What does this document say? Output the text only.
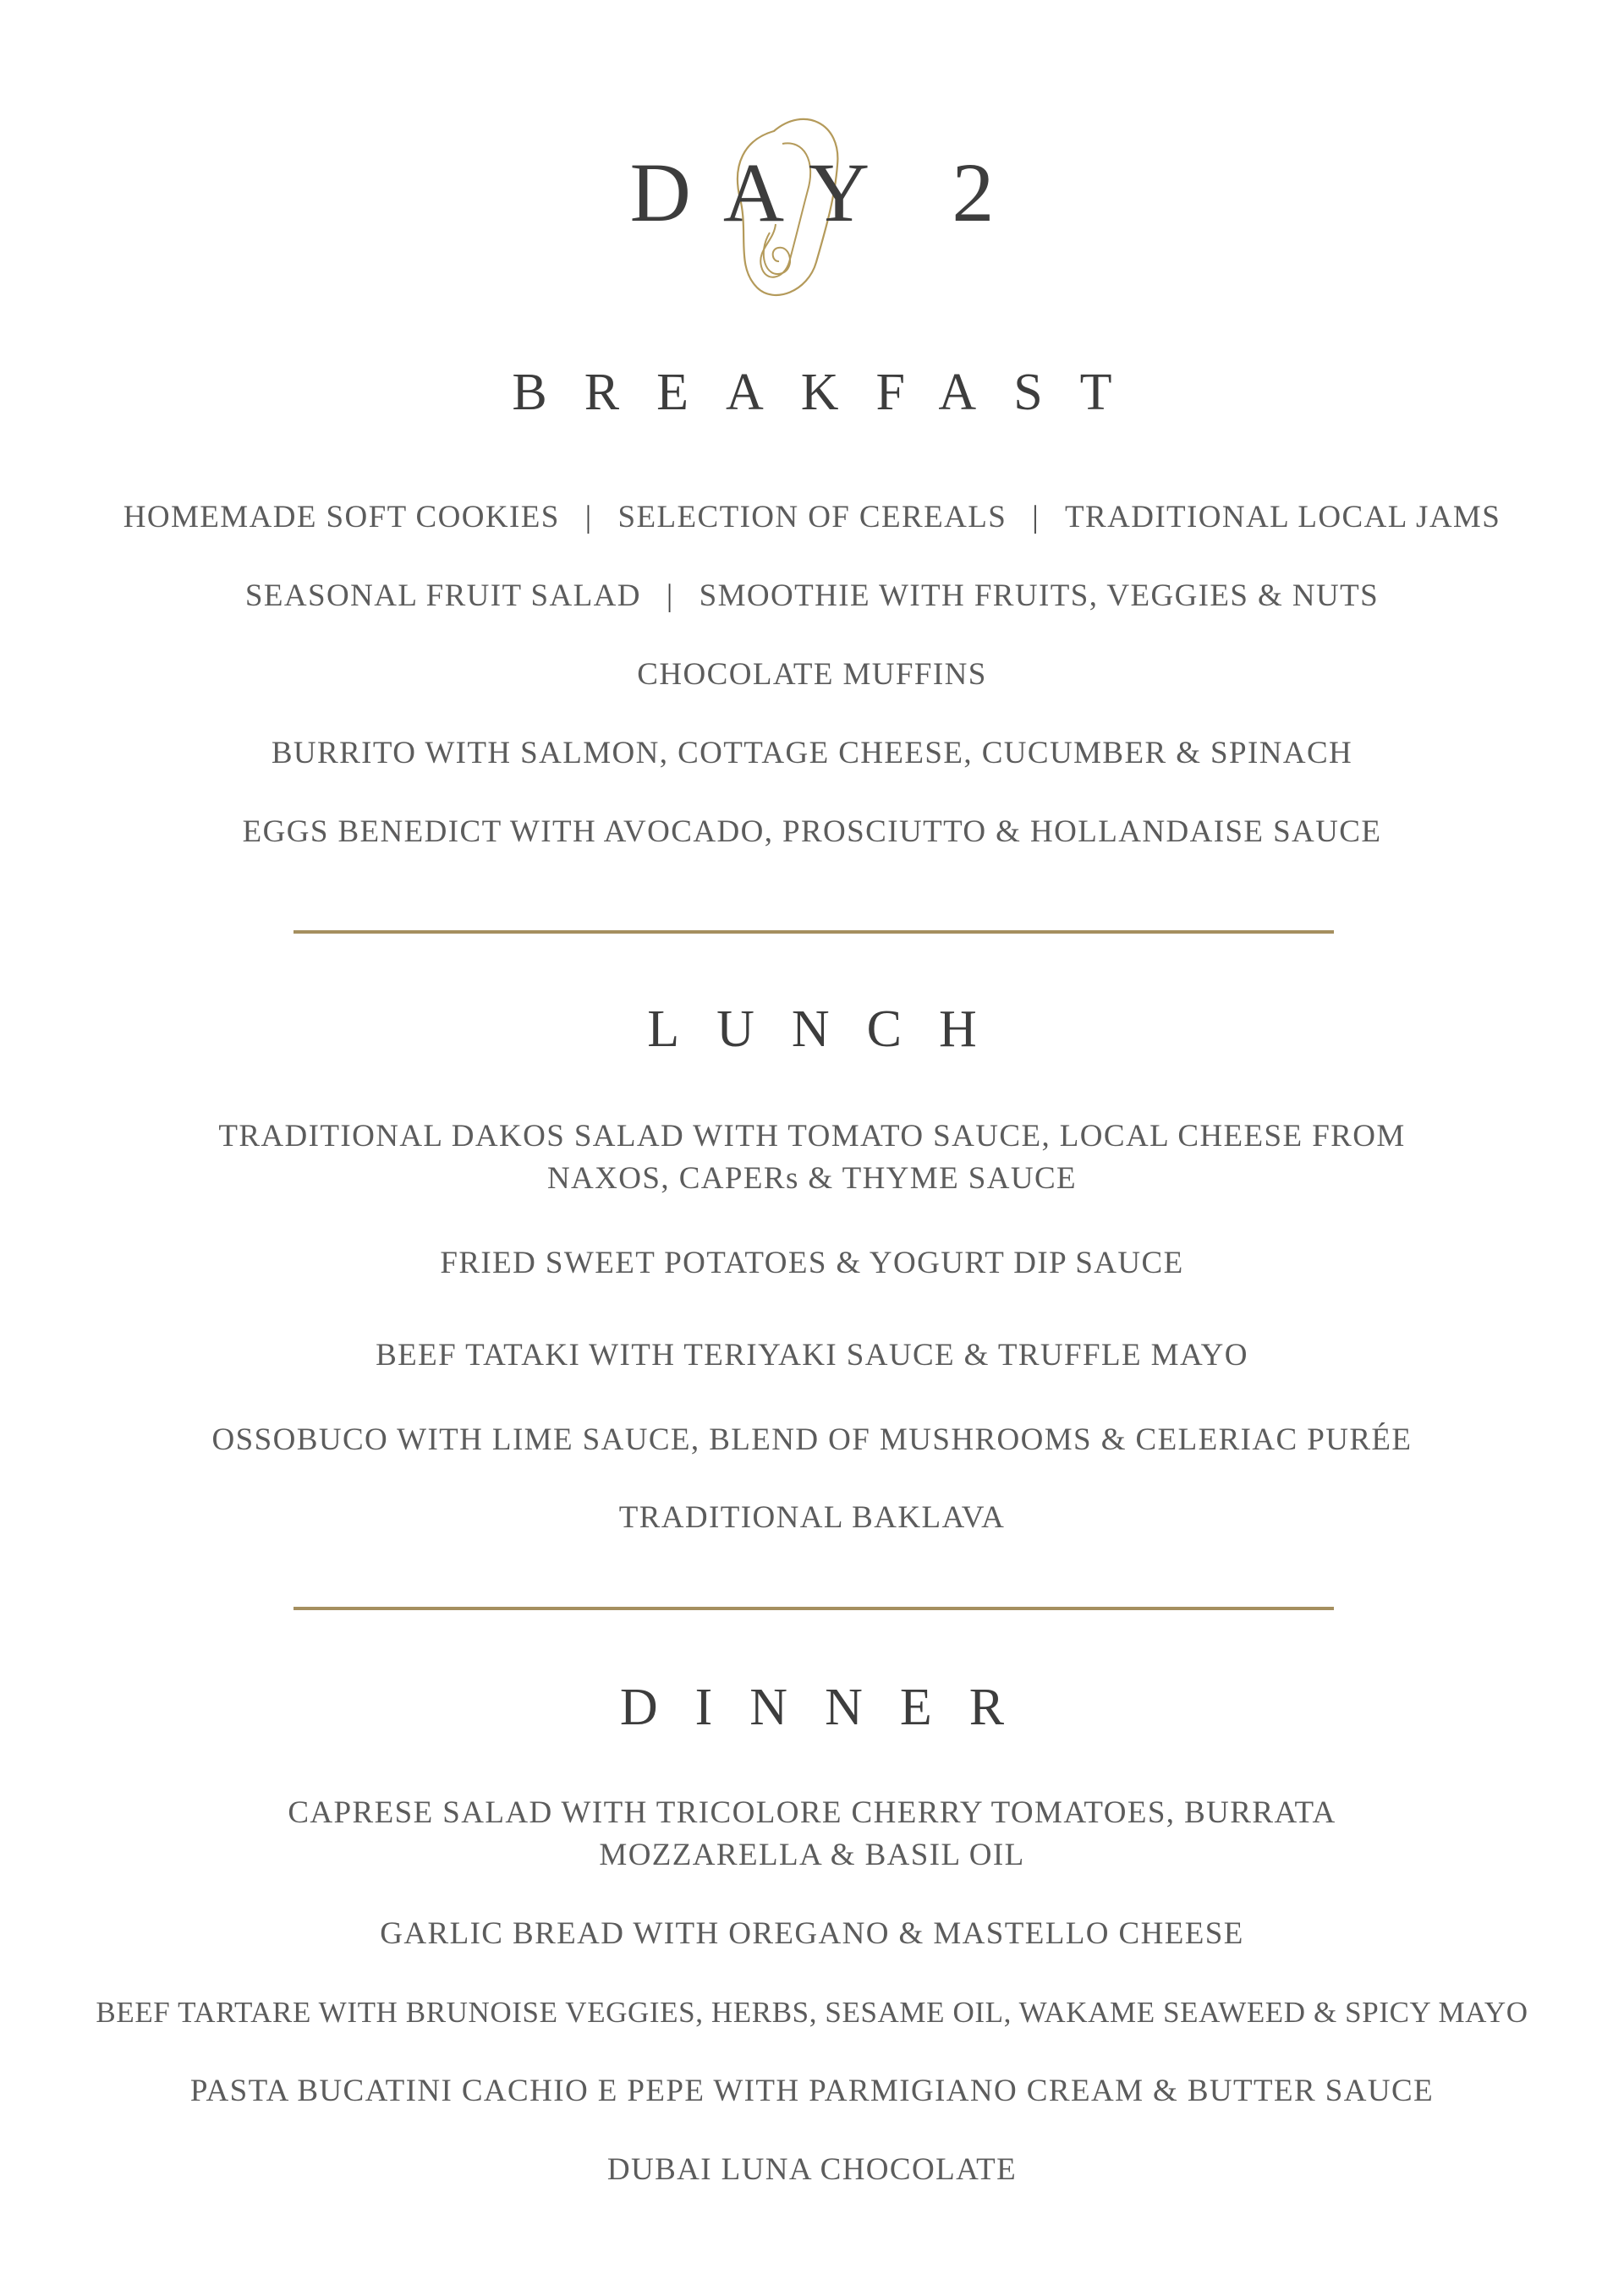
DAY 2
BREAKFAST
HOMEMADE SOFT COOKIES | SELECTION OF CEREALS | TRADITIONAL LOCAL JAMS
SEASONAL FRUIT SALAD | SMOOTHIE WITH FRUITS, VEGGIES & NUTS
CHOCOLATE MUFFINS
BURRITO WITH SALMON, COTTAGE CHEESE, CUCUMBER & SPINACH
EGGS BENEDICT WITH AVOCADO, PROSCIUTTO & HOLLANDAISE SAUCE
LUNCH
TRADITIONAL DAKOS SALAD WITH TOMATO SAUCE, LOCAL CHEESE FROM
NAXOS, CAPERs & THYME SAUCE
FRIED SWEET POTATOES & YOGURT DIP SAUCE
BEEF TATAKI WITH TERIYAKI SAUCE & TRUFFLE MAYO
OSSOBUCO WITH LIME SAUCE, BLEND OF MUSHROOMS & CELERIAC PURÉE
TRADITIONAL BAKLAVA
DINNER
CAPRESE SALAD WITH TRICOLORE CHERRY TOMATOES, BURRATA
MOZZARELLA & BASIL OIL
GARLIC BREAD WITH OREGANO & MASTELLO CHEESE
BEEF TARTARE WITH BRUNOISE VEGGIES, HERBS, SESAME OIL, WAKAME SEAWEED & SPICY MAYO
PASTA BUCATINI CACHIO E PEPE WITH PARMIGIANO CREAM & BUTTER SAUCE
DUBAI LUNA CHOCOLATE
